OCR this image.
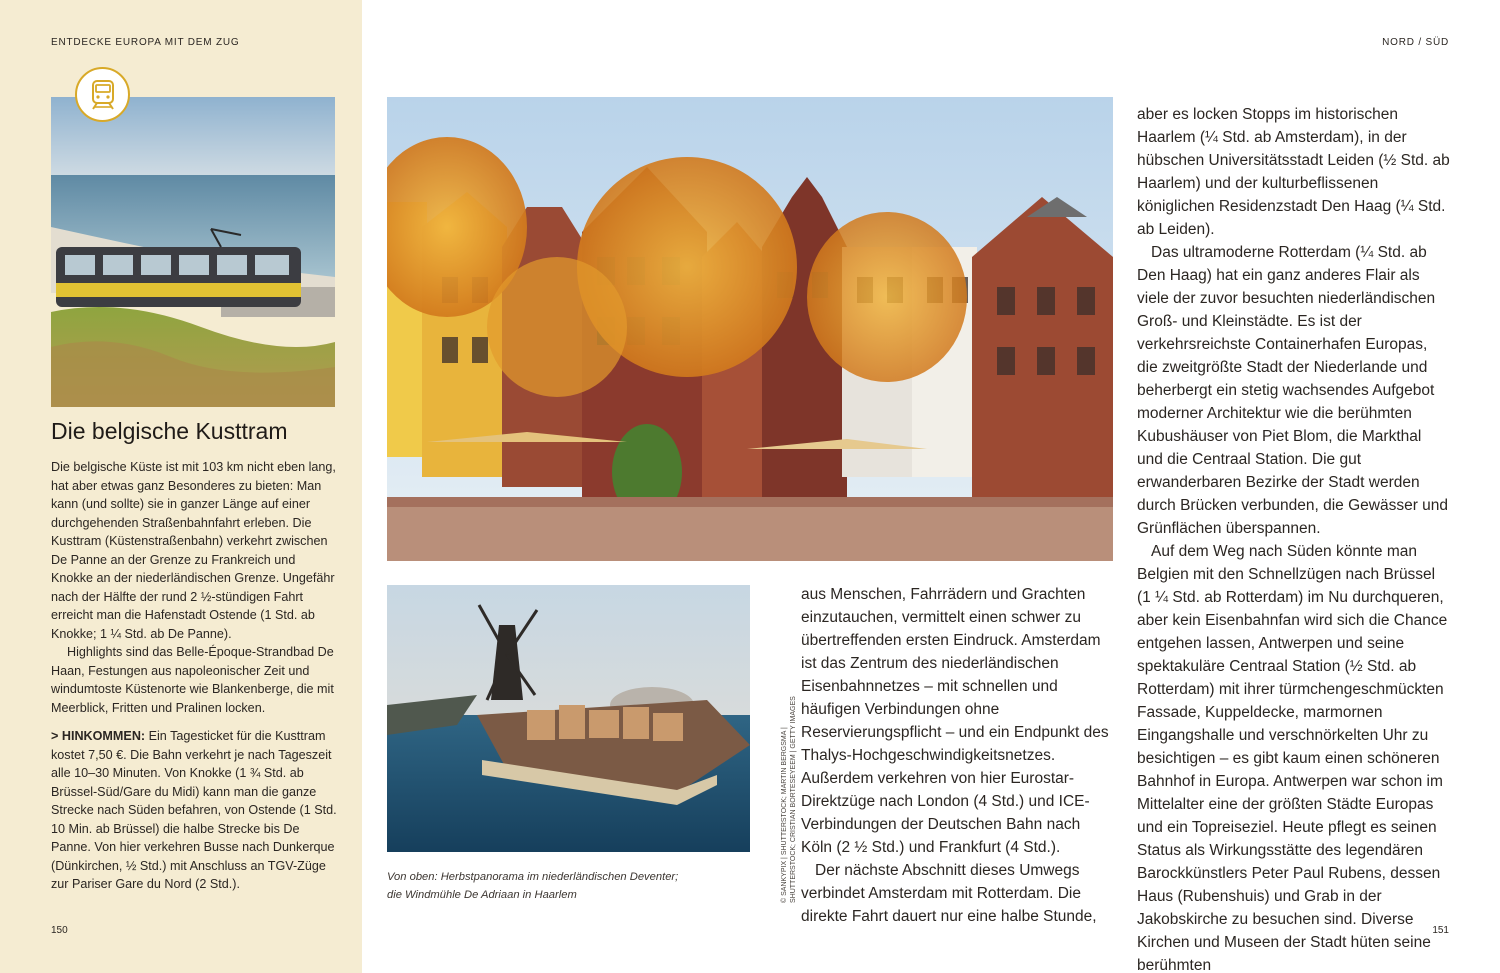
ENTDECKE EUROPA MIT DEM ZUG	NORD / SÜD
Die belgische Kusttram

Die belgische Küste ist mit 103 km nicht eben lang, hat aber etwas ganz Besonderes zu bieten: Man kann (und sollte) sie in ganzer Länge auf einer durchgehenden Straßenbahnfahrt erleben. Die Kusttram (Küstenstraßenbahn) verkehrt zwischen De Panne an der Grenze zu Frankreich und Knokke an der niederländischen Grenze. Ungefähr nach der Hälfte der rund 2 ½-stündigen Fahrt erreicht man die Hafenstadt Ostende (1 Std. ab Knokke; 1 ¼ Std. ab De Panne).

Highlights sind das Belle-Époque-Strandbad De Haan, Festungen aus napoleonischer Zeit und windumtoste Küstenorte wie Blankenberge, die mit Meerblick, Fritten und Pralinen locken.

> HINKOMMEN: Ein Tagesticket für die Kusttram kostet 7,50 €. Die Bahn verkehrt je nach Tageszeit alle 10–30 Minuten. Von Knokke (1 ¾ Std. ab Brüssel-Süd/Gare du Midi) kann man die ganze Strecke nach Süden befahren, von Ostende (1 Std. 10 Min. ab Brüssel) die halbe Strecke bis De Panne. Von hier verkehren Busse nach Dunkerque (Dünkirchen, ½ Std.) mit Anschluss an TGV-Züge zur Pariser Gare du Nord (2 Std.).	Von oben: Herbstpanorama im niederländischen Deventer;
die Windmühle De Adriaan in Haarlem	© SANKYPIX | SHUTTERSTOCK; MARTIN BERGSMA | SHUTTERSTOCK; CRISTIAN BORTESEYEEM | GETTY IMAGES

aus Menschen, Fahrrädern und Grachten einzutauchen, vermittelt einen schwer zu übertreffenden ersten Eindruck. Amsterdam ist das Zentrum des niederländischen Eisenbahnnetzes – mit schnellen und häufigen Verbindungen ohne Reservierungspflicht – und ein Endpunkt des Thalys-Hochgeschwindigkeitsnetzes. Außerdem verkehren von hier Eurostar-Direktzüge nach London (4 Std.) und ICE-Verbindungen der Deutschen Bahn nach Köln (2 ½ Std.) und Frankfurt (4 Std.).

Der nächste Abschnitt dieses Umwegs verbindet Amsterdam mit Rotterdam. Die direkte Fahrt dauert nur eine halbe Stunde,

aber es locken Stopps im historischen Haarlem (¼ Std. ab Amsterdam), in der hübschen Universitätsstadt Leiden (½ Std. ab Haarlem) und der kulturbeflissenen königlichen Residenzstadt Den Haag (¼ Std. ab Leiden).

Das ultramoderne Rotterdam (¼ Std. ab Den Haag) hat ein ganz anderes Flair als viele der zuvor besuchten niederländischen Groß- und Kleinstädte. Es ist der verkehrsreichste Containerhafen Europas, die zweitgrößte Stadt der Niederlande und beherbergt ein stetig wachsendes Aufgebot moderner Architektur wie die berühmten Kubushäuser von Piet Blom, die Markthal und die Centraal Station. Die gut erwanderbaren Bezirke der Stadt werden durch Brücken verbunden, die Gewässer und Grünflächen überspannen.

Auf dem Weg nach Süden könnte man Belgien mit den Schnellzügen nach Brüssel (1 ¼ Std. ab Rotterdam) im Nu durchqueren, aber kein Eisenbahnfan wird sich die Chance entgehen lassen, Antwerpen und seine spektakuläre Centraal Station (½ Std. ab Rotterdam) mit ihrer türmchengeschmückten Fassade, Kuppeldecke, marmornen Eingangshalle und verschnörkelten Uhr zu besichtigen – es gibt kaum einen schöneren Bahnhof in Europa. Antwerpen war schon im Mittelalter eine der größten Städte Europas und ein Topreiseziel. Heute pflegt es seinen Status als Wirkungsstätte des legendären Barockkünstlers Peter Paul Rubens, dessen Haus (Rubenshuis) und Grab in der Jakobskirche zu besuchen sind. Diverse Kirchen und Museen der Stadt hüten seine berühmten

150	151
